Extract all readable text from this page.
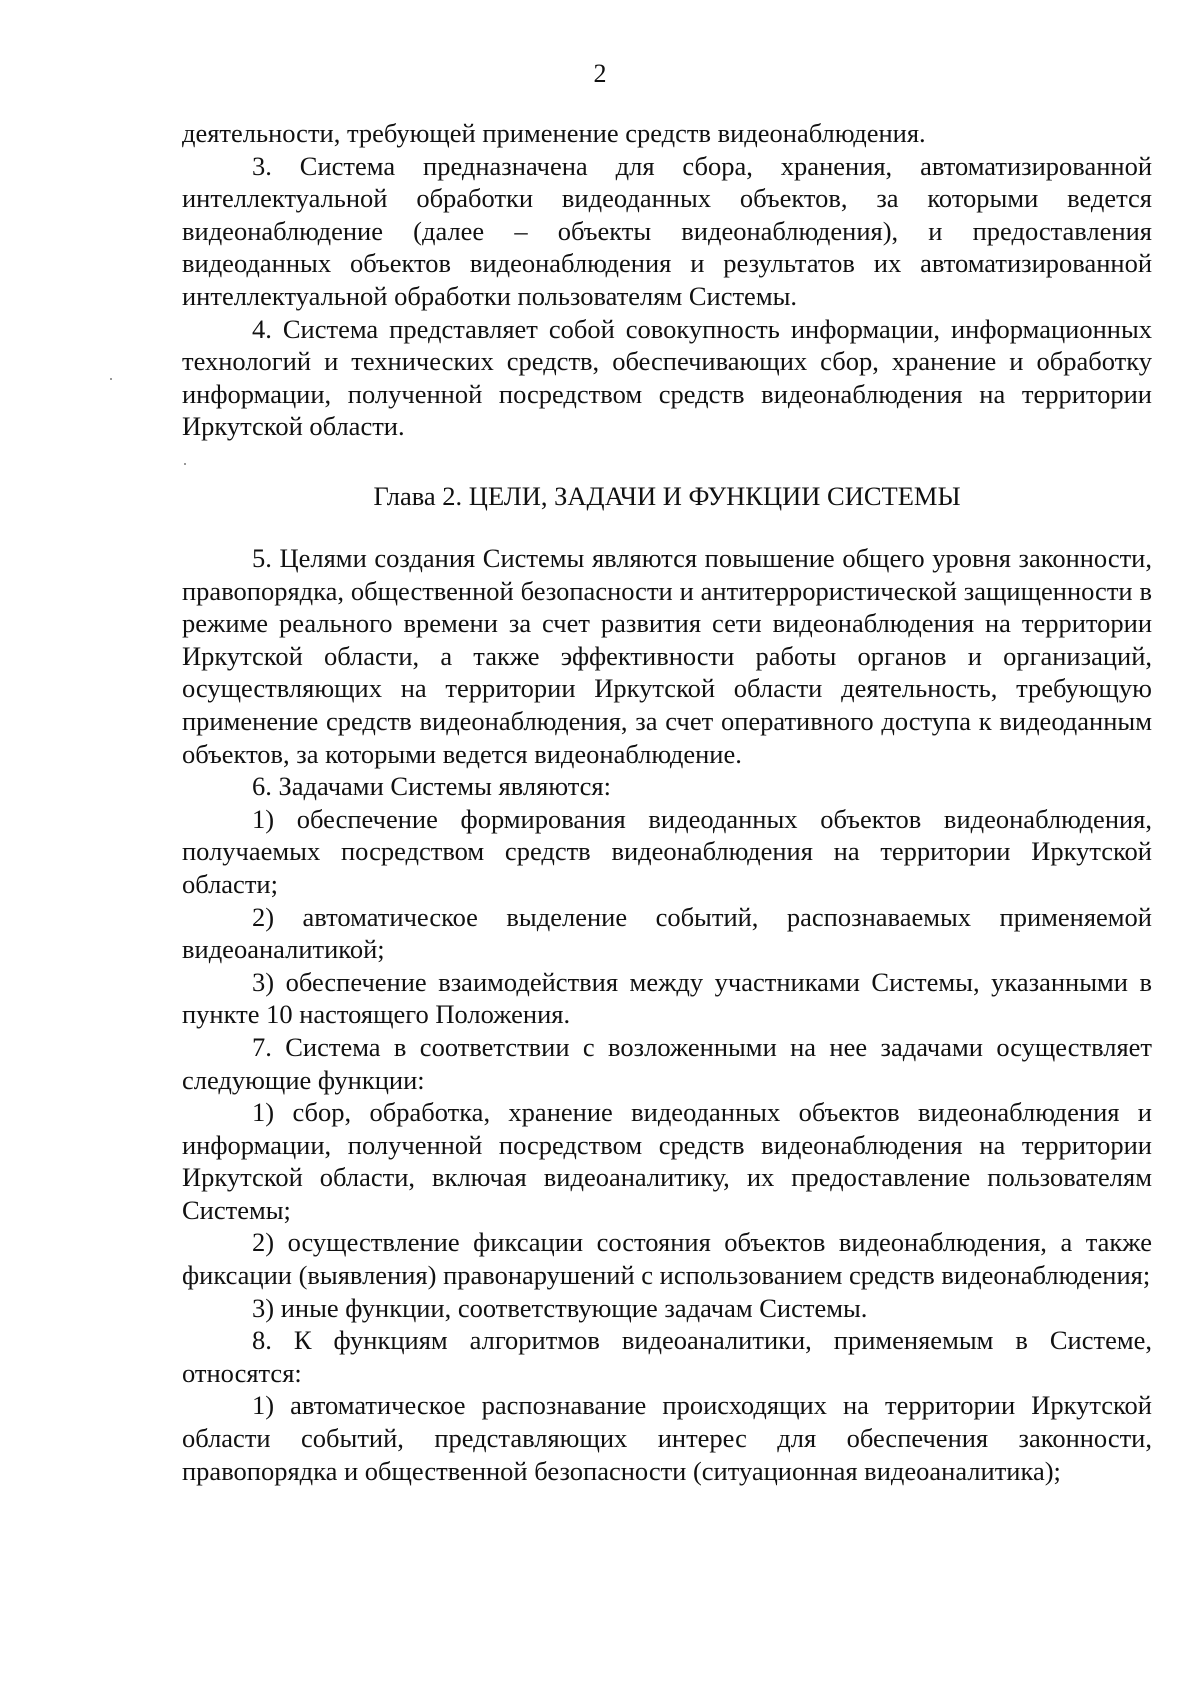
2

деятельности, требующей применение средств видеонаблюдения.

3. Система предназначена для сбора, хранения, автоматизированной интеллектуальной обработки видеоданных объектов, за которыми ведется видеонаблюдение (далее – объекты видеонаблюдения), и предоставления видеоданных объектов видеонаблюдения и результатов их автоматизированной интеллектуальной обработки пользователям Системы.

4. Система представляет собой совокупность информации, информационных технологий и технических средств, обеспечивающих сбор, хранение и обработку информации, полученной посредством средств видеонаблюдения на территории Иркутской области.

Глава 2. ЦЕЛИ, ЗАДАЧИ И ФУНКЦИИ СИСТЕМЫ

5. Целями создания Системы являются повышение общего уровня законности, правопорядка, общественной безопасности и антитеррористической защищенности в режиме реального времени за счет развития сети видеонаблюдения на территории Иркутской области, а также эффективности работы органов и организаций, осуществляющих на территории Иркутской области деятельность, требующую применение средств видеонаблюдения, за счет оперативного доступа к видеоданным объектов, за которыми ведется видеонаблюдение.

6. Задачами Системы являются:

1) обеспечение формирования видеоданных объектов видеонаблюдения, получаемых посредством средств видеонаблюдения на территории Иркутской области;

2) автоматическое выделение событий, распознаваемых применяемой видеоаналитикой;

3) обеспечение взаимодействия между участниками Системы, указанными в пункте 10 настоящего Положения.

7. Система в соответствии с возложенными на нее задачами осуществляет следующие функции:

1) сбор, обработка, хранение видеоданных объектов видеонаблюдения и информации, полученной посредством средств видеонаблюдения на территории Иркутской области, включая видеоаналитику, их предоставление пользователям Системы;

2) осуществление фиксации состояния объектов видеонаблюдения, а также фиксации (выявления) правонарушений с использованием средств видеонаблюдения;

3) иные функции, соответствующие задачам Системы.

8. К функциям алгоритмов видеоаналитики, применяемым в Системе, относятся:

1) автоматическое распознавание происходящих на территории Иркутской области событий, представляющих интерес для обеспечения законности, правопорядка и общественной безопасности (ситуационная видеоаналитика);
